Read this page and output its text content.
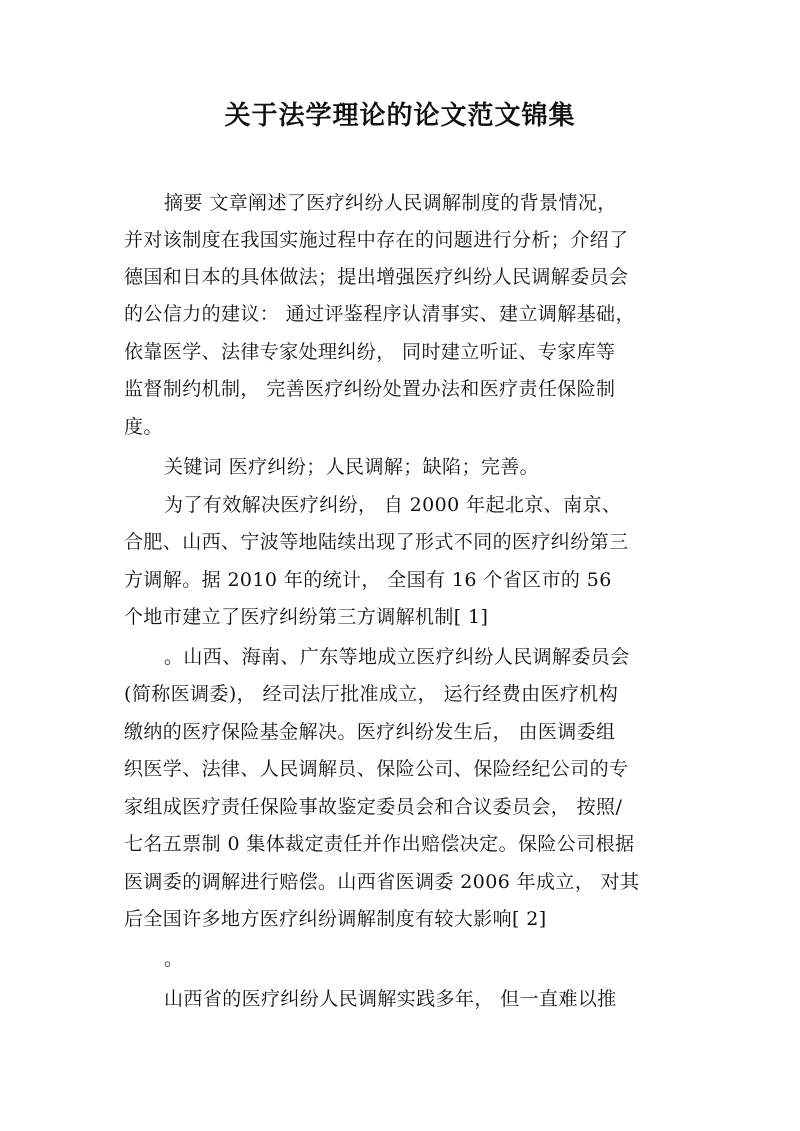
关于法学理论的论文范文锦集
摘要 文章阐述了医疗纠纷人民调解制度的背景情况，
并对该制度在我国实施过程中存在的问题进行分析；介绍了
德国和日本的具体做法；提出增强医疗纠纷人民调解委员会
的公信力的建议： 通过评鉴程序认清事实、建立调解基础，
依靠医学、法律专家处理纠纷， 同时建立听证、专家库等
监督制约机制， 完善医疗纠纷处置办法和医疗责任保险制
度。
关键词 医疗纠纷；人民调解；缺陷；完善。
为了有效解决医疗纠纷， 自 2000 年起北京、南京、
合肥、山西、宁波等地陆续出现了形式不同的医疗纠纷第三
方调解。据 2010 年的统计， 全国有 16 个省区市的 56
个地市建立了医疗纠纷第三方调解机制[ 1]
。山西、海南、广东等地成立医疗纠纷人民调解委员会
(简称医调委)， 经司法厅批准成立， 运行经费由医疗机构
缴纳的医疗保险基金解决。医疗纠纷发生后， 由医调委组
织医学、法律、人民调解员、保险公司、保险经纪公司的专
家组成医疗责任保险事故鉴定委员会和合议委员会， 按照/
七名五票制 0 集体裁定责任并作出赔偿决定。保险公司根据
医调委的调解进行赔偿。山西省医调委 2006 年成立， 对其
后全国许多地方医疗纠纷调解制度有较大影响[ 2]
。
山西省的医疗纠纷人民调解实践多年， 但一直难以推
